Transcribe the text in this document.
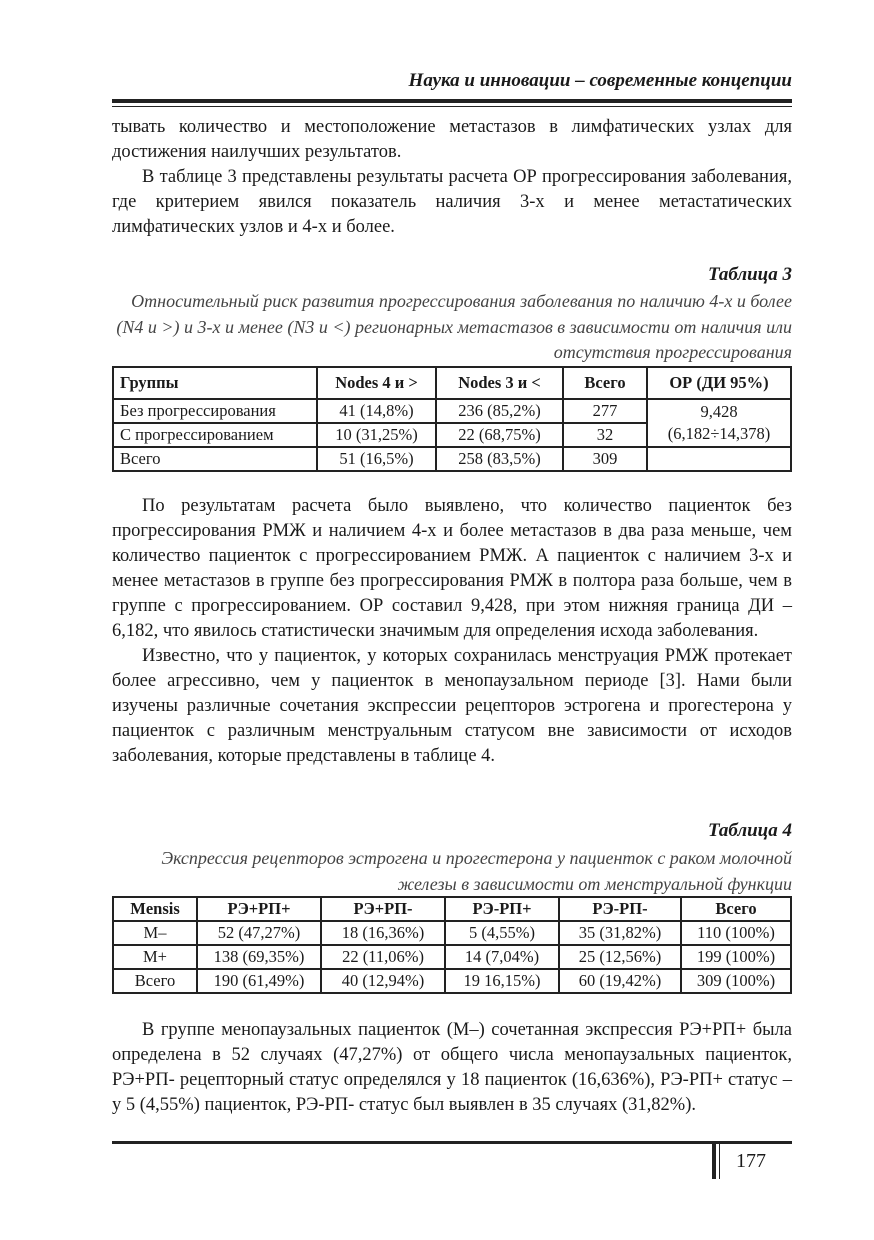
Наука и инновации – современные концепции

тывать количество и местоположение метастазов в лимфатических узлах для достижения наилучших результатов.

В таблице 3 представлены результаты расчета ОР прогрессирования заболевания, где критерием явился показатель наличия 3-х и менее метастатических лимфатических узлов и 4-х и более.

Таблица 3
Относительный риск развития прогрессирования заболевания по наличию 4-х и более (N4 и >) и 3-х и менее (N3 и <) регионарных метастазов в зависимости от наличия или отсутствия прогрессирования
Группы	Nodes 4 и >	Nodes 3 и <	Всего	ОР (ДИ 95%)
Без прогрессирования	41 (14,8%)	236 (85,2%)	277	9,428
(6,182÷14,378)

С прогрессированием	10 (31,25%)	22 (68,75%)	32	
Всего	51 (16,5%)	258 (83,5%)	309	

По результатам расчета было выявлено, что количество пациенток без прогрессирования РМЖ и наличием 4-х и более метастазов в два раза меньше, чем количество пациенток с прогрессированием РМЖ. А пациенток с наличием 3-х и менее метастазов в группе без прогрессирования РМЖ в полтора раза больше, чем в группе с прогрессированием. ОР составил 9,428, при этом нижняя граница ДИ – 6,182, что явилось статистически значимым для определения исхода заболевания.

Известно, что у пациенток, у которых сохранилась менструация РМЖ протекает более агрессивно, чем у пациенток в менопаузальном периоде [3]. Нами были изучены различные сочетания экспрессии рецепторов эстрогена и прогестерона у пациенток с различным менструальным статусом вне зависимости от исходов заболевания, которые представлены в таблице 4.

Таблица 4
Экспрессия рецепторов эстрогена и прогестерона у пациенток с раком молочной железы в зависимости от менструальной функции
Mensis	РЭ+РП+	РЭ+РП-	РЭ-РП+	РЭ-РП-	Всего
М–	52 (47,27%)	18 (16,36%)	5 (4,55%)	35 (31,82%)	110 (100%)
М+	138 (69,35%)	22 (11,06%)	14 (7,04%)	25 (12,56%)	199 (100%)
Всего	190 (61,49%)	40 (12,94%)	19 16,15%)	60 (19,42%)	309 (100%)

В группе менопаузальных пациенток (М–) сочетанная экспрессия РЭ+РП+ была определена в 52 случаях (47,27%) от общего числа менопаузальных пациенток, РЭ+РП- рецепторный статус определялся у 18 пациенток (16,636%), РЭ-РП+ статус – у 5 (4,55%) пациенток, РЭ-РП- статус был выявлен в 35 случаях (31,82%).

177
